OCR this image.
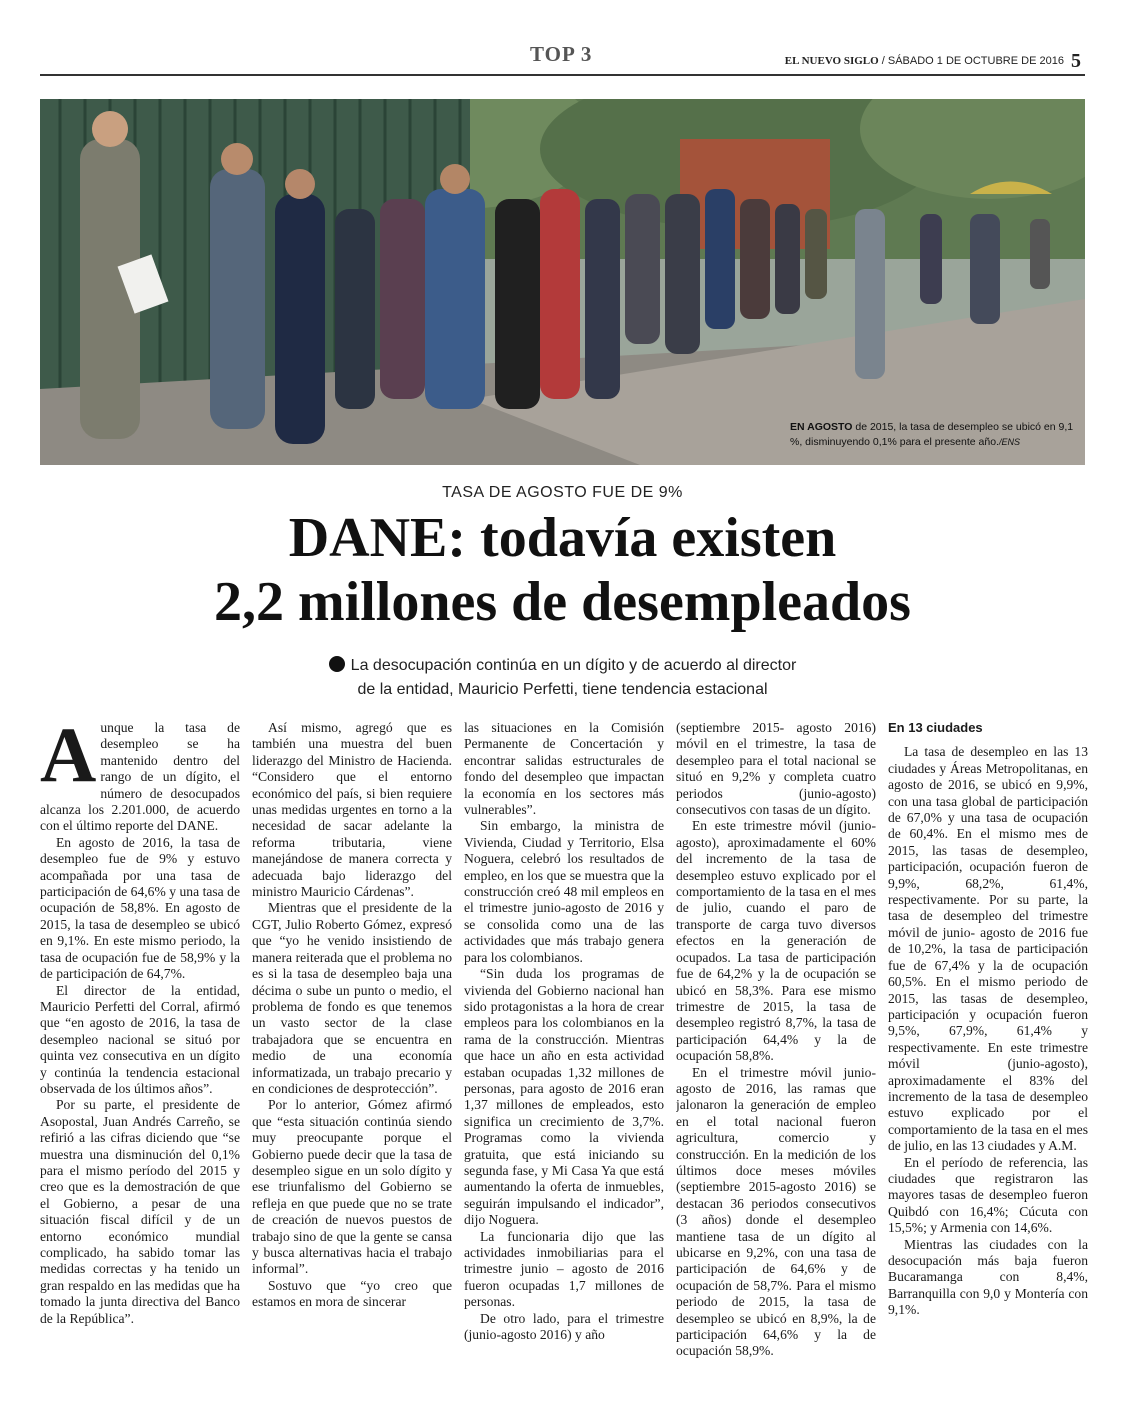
TOP 3	EL NUEVO SIGLO / SÁBADO 1 DE OCTUBRE DE 2016 5
EN AGOSTO de 2015, la tasa de desempleo se ubicó en 9,1 %, disminuyendo 0,1% para el presente año./ENS
TASA DE AGOSTO FUE DE 9%
DANE: todavía existen
2,2 millones de desempleados
La desocupación continúa en un dígito y de acuerdo al director
de la entidad, Mauricio Perfetti, tiene tendencia estacional

Aunque la tasa de desempleo se ha mantenido dentro del rango de un dígito, el número de desocupados alcanza los 2.201.000, de acuerdo con el último reporte del DANE.

En agosto de 2016, la tasa de desempleo fue de 9% y estuvo acompañada por una tasa de participación de 64,6% y una tasa de ocupación de 58,8%. En agosto de 2015, la tasa de desempleo se ubicó en 9,1%. En este mismo periodo, la tasa de ocupación fue de 58,9% y la de participación de 64,7%.

El director de la entidad, Mauricio Perfetti del Corral, afirmó que “en agosto de 2016, la tasa de desempleo nacional se situó por quinta vez consecutiva en un dígito y continúa la tendencia estacional observada de los últimos años”.

Por su parte, el presidente de Asopostal, Juan Andrés Carreño, se refirió a las cifras diciendo que “se muestra una disminución del 0,1% para el mismo período del 2015 y creo que es la demostración de que el Gobierno, a pesar de una situación fiscal difícil y de un entorno económico mundial complicado, ha sabido tomar las medidas correctas y ha tenido un gran respaldo en las medidas que ha tomado la juntа directiva del Banco de la República”.

Así mismo, agregó que es también una muestra del buen liderazgo del Ministro de Hacienda. “Considero que el entorno económico del país, si bien requiere unas medidas urgentes en torno a la necesidad de sacar adelante la reforma tributaria, viene manejándose de manera correcta y adecuada bajo liderazgo del ministro Mauricio Cárdenas”.

Mientras que el presidente de la CGT, Julio Roberto Gómez, expresó que “yo he venido insistiendo de manera reiterada que el problema no es si la tasa de desempleo baja una décima o sube un punto o medio, el problema de fondo es que tenemos un vasto sector de la clase trabajadora que se encuentra en medio de una economía informatizada, un trabajo precario y en condiciones de desprotección”.

Por lo anterior, Gómez afirmó que “esta situación continúa siendo muy preocupante porque el Gobierno puede decir que la tasa de desempleo sigue en un solo dígito y ese triunfalismo del Gobierno se refleja en que puede que no se trate de creación de nuevos puestos de trabajo sino de que la gente se cansa y busca alternativas hacia el trabajo informal”.

Sostuvo que “yo creo que estamos en mora de sincerar

las situaciones en la Comisión Permanente de Concertación y encontrar salidas estructurales de fondo del desempleo que impactan la economía en los sectores más vulnerables”.

Sin embargo, la ministra de Vivienda, Ciudad y Territorio, Elsa Noguera, celebró los resultados de empleo, en los que se muestra que la construcción creó 48 mil empleos en el trimestre junio-agosto de 2016 y se consolida como una de las actividades que más trabajo genera para los colombianos.

“Sin duda los programas de vivienda del Gobierno nacional han sido protagonistas a la hora de crear empleos para los colombianos en la rama de la construcción. Mientras que hace un año en esta actividad estaban ocupadas 1,32 millones de personas, para agosto de 2016 eran 1,37 millones de empleados, esto significa un crecimiento de 3,7%. Programas como la vivienda gratuita, que está iniciando su segunda fase, y Mi Casa Ya que está aumentando la oferta de inmuebles, seguirán impulsando el indicador”, dijo Noguera.

La funcionaria dijo que las actividades inmobiliarias para el trimestre junio – agosto de 2016 fueron ocupadas 1,7 millones de personas.

De otro lado, para el trimestre (junio-agosto 2016) y año

(septiembre 2015- agosto 2016) móvil en el trimestre, la tasa de desempleo para el total nacional se situó en 9,2% y completa cuatro periodos (junio-agosto) consecutivos con tasas de un dígito.

En este trimestre móvil (junio-agosto), aproximadamente el 60% del incremento de la tasa de desempleo estuvo explicado por el comportamiento de la tasa en el mes de julio, cuando el paro de transporte de carga tuvo diversos efectos en la generación de ocupados. La tasa de participación fue de 64,2% y la de ocupación se ubicó en 58,3%. Para ese mismo trimestre de 2015, la tasa de desempleo registró 8,7%, la tasa de participación 64,4% y la de ocupación 58,8%.

En el trimestre móvil junio-agosto de 2016, las ramas que jalonaron la generación de empleo en el total nacional fueron agricultura, comercio y construcción. En la medición de los últimos doce meses móviles (septiembre 2015-agosto 2016) se destacan 36 periodos consecutivos (3 años) donde el desempleo mantiene tasa de un dígito al ubicarse en 9,2%, con una tasa de participación de 64,6% y de ocupación de 58,7%. Para el mismo periodo de 2015, la tasa de desempleo se ubicó en 8,9%, la de participación 64,6% y la de ocupación 58,9%.

En 13 ciudades

La tasa de desempleo en las 13 ciudades y Áreas Metropolitanas, en agosto de 2016, se ubicó en 9,9%, con una tasa global de participación de 67,0% y una tasa de ocupación de 60,4%. En el mismo mes de 2015, las tasas de desempleo, participación, ocupación fueron de 9,9%, 68,2%, 61,4%, respectivamente. Por su parte, la tasa de desempleo del trimestre móvil de junio- agosto de 2016 fue de 10,2%, la tasa de participación fue de 67,4% y la de ocupación 60,5%. En el mismo periodo de 2015, las tasas de desempleo, participación y ocupación fueron 9,5%, 67,9%, 61,4% y respectivamente. En este trimestre móvil (junio-agosto), aproximadamente el 83% del incremento de la tasa de desempleo estuvo explicado por el comportamiento de la tasa en el mes de julio, en las 13 ciudades y A.M.

En el período de referencia, las ciudades que registraron las mayores tasas de desempleo fueron Quibdó con 16,4%; Cúcuta con 15,5%; y Armenia con 14,6%.

Mientras las ciudades con la desocupación más baja fueron Bucaramanga con 8,4%, Barranquilla con 9,0 y Montería con 9,1%.
